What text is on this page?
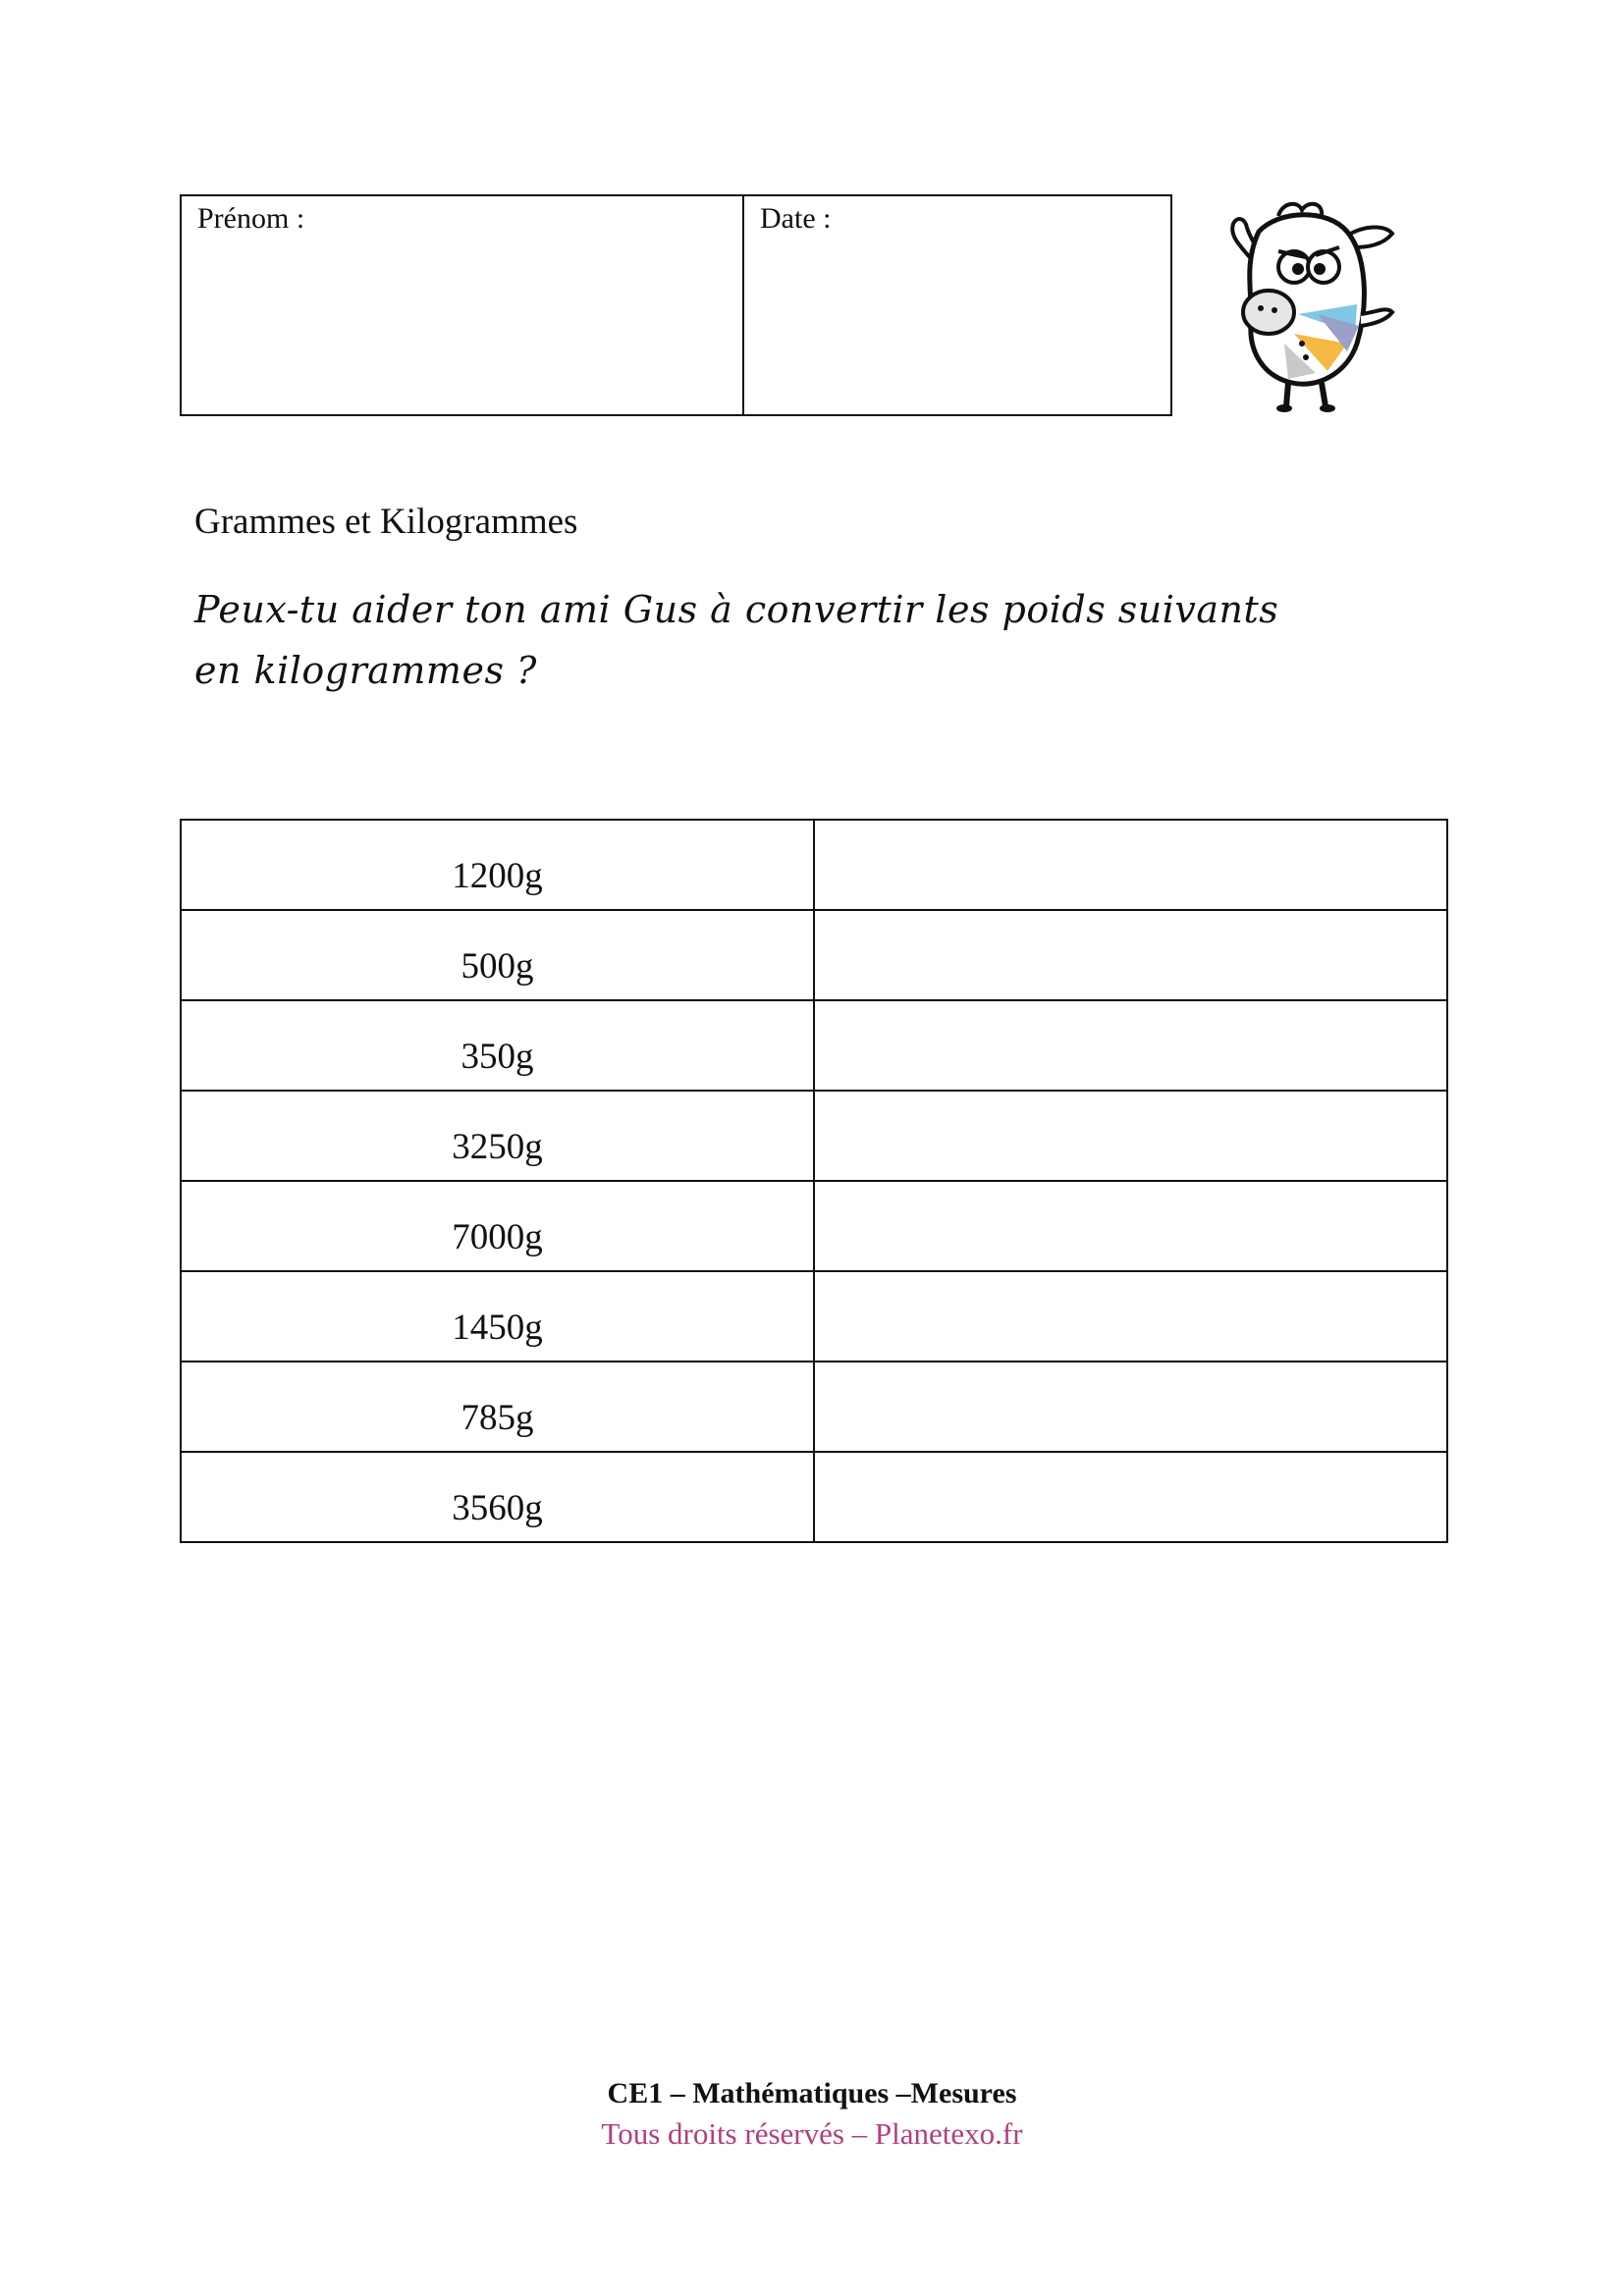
Prénom :	Date :
Grammes et Kilogrammes
Peux-tu aider ton ami Gus à convertir les poids suivants
en kilogrammes ?
1200g	
500g	
350g	
3250g	
7000g	
1450g	
785g	
3560g	
CE1 – Mathématiques –Mesures
Tous droits réservés – Planetexo.fr
